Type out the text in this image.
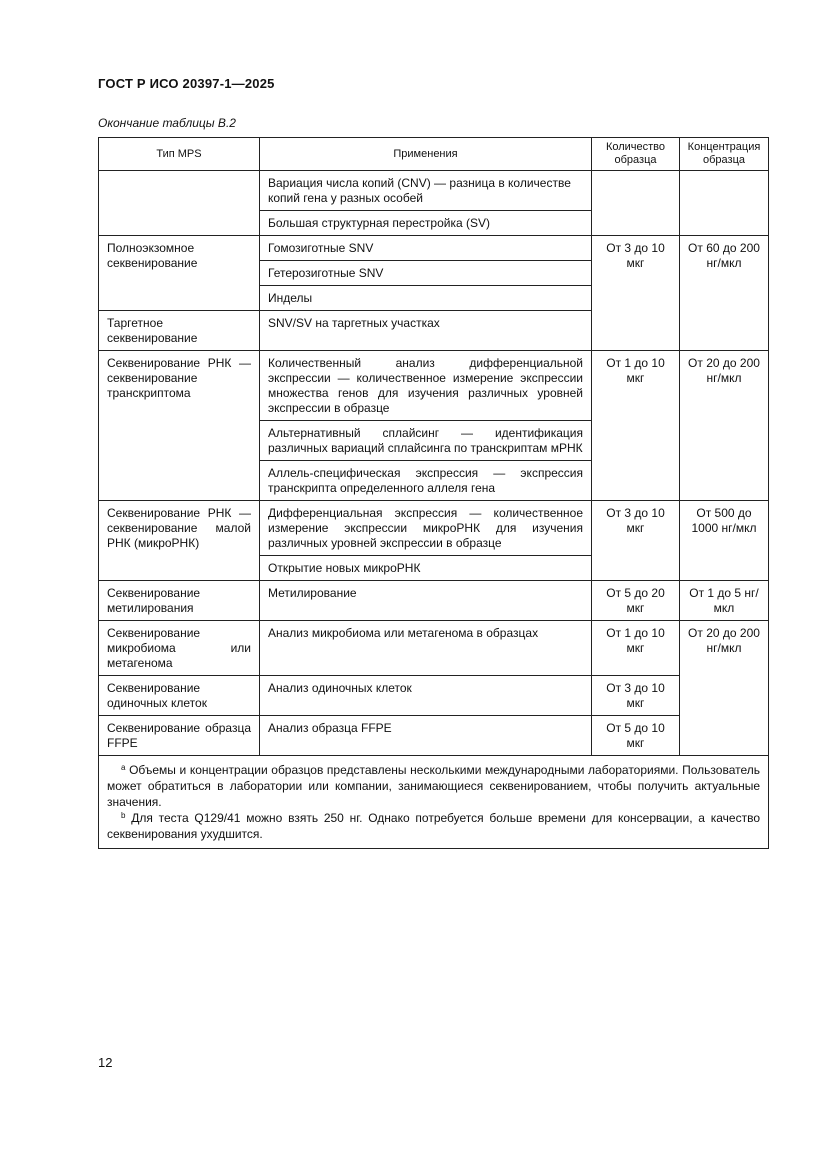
ГОСТ Р ИСО 20397-1—2025
Окончание таблицы В.2
Тип MPS	Применения	Количество образца	Концентрация образца
	Вариация числа копий (CNV) — разница в количестве копий гена у разных особей		
	Большая структурная перестройка (SV)		
Полноэкзомное секвенирование	Гомозиготные SNV	От 3 до 10 мкг	От 60 до 200 нг/мкл
	Гетерозиготные SNV		
	Инделы		
Таргетное секвенирование	SNV/SV на таргетных участках		
Секвенирование РНК — секвенирование транскриптома	Количественный анализ дифференциальной экспрессии — количественное измерение экспрессии множества генов для изучения различных уровней экспрессии в образце	От 1 до 10 мкг	От 20 до 200 нг/мкл
	Альтернативный сплайсинг — идентификация различных вариаций сплайсинга по транскриптам мРНК		
	Аллель-специфическая экспрессия — экспрессия транскрипта определенного аллеля гена		
Секвенирование РНК — секвенирование малой РНК (микроРНК)	Дифференциальная экспрессия — количественное измерение экспрессии микроРНК для изучения различных уровней экспрессии в образце	От 3 до 10 мкг	От 500 до 1000 нг/мкл
	Открытие новых микроРНК		
Секвенирование метилирования	Метилирование	От 5 до 20 мкг	От 1 до 5 нг/мкл
Секвенирование микробиома или метагенома	Анализ микробиома или метагенома в образцах	От 1 до 10 мкг	От 20 до 200 нг/мкл
Секвенирование одиночных клеток	Анализ одиночных клеток	От 3 до 10 мкг	
Секвенирование образца FFPE	Анализ образца FFPE	От 5 до 10 мкг	

$^a$ Объемы и концентрации образцов представлены несколькими международными лабораториями. Пользователь может обратиться в лаборатории или компании, занимающиеся секвенированием, чтобы получить актуальные значения.
$^b$ Для теста Q129/41 можно взять 250 нг. Однако потребуется больше времени для консервации, а качество секвенирования ухудшится.			
12
